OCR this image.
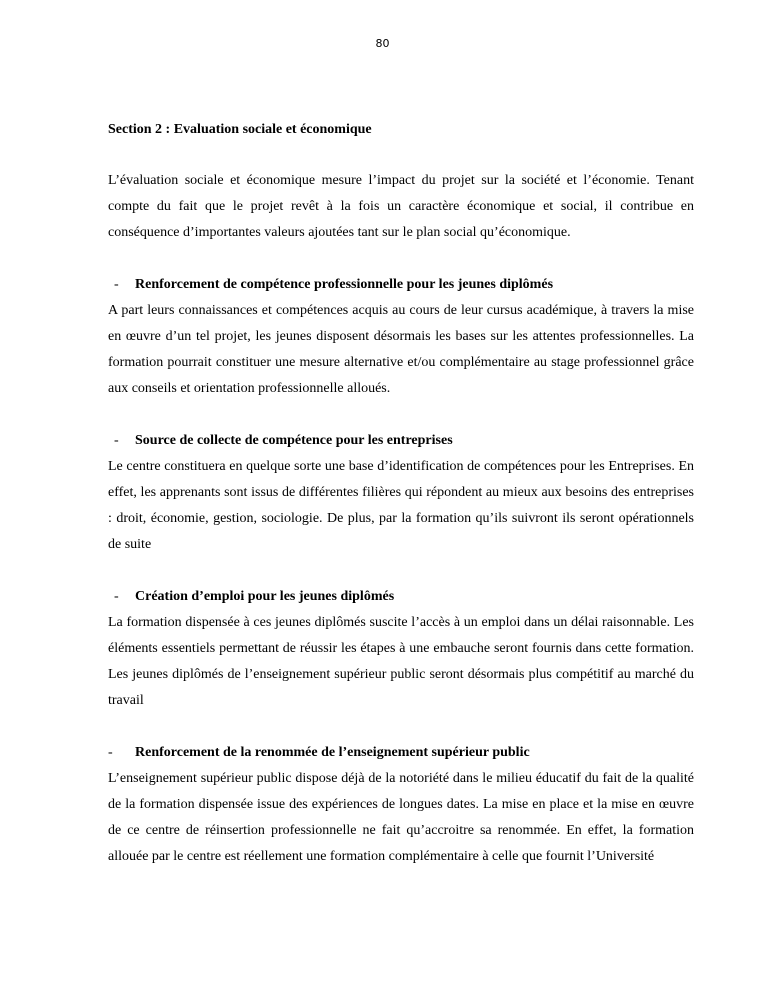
80
Section 2 : Evaluation sociale et économique

L’évaluation sociale et économique mesure l’impact du projet sur la société et l’économie. Tenant compte du fait que le projet revêt à la fois un caractère économique et social, il contribue en conséquence d’importantes valeurs ajoutées tant sur le plan social qu’économique.

-	Renforcement de compétence professionnelle pour les jeunes diplômés

A part leurs connaissances et compétences acquis au cours de leur cursus académique, à travers la mise en œuvre d’un tel projet, les jeunes disposent désormais les bases sur les attentes professionnelles. La formation pourrait constituer une mesure alternative et/ou complémentaire au stage professionnel grâce aux conseils et orientation professionnelle alloués.

-	Source de collecte de compétence pour les entreprises

Le centre constituera en quelque sorte une base d’identification de compétences pour les Entreprises. En effet, les apprenants sont issus de différentes filières qui répondent au mieux aux besoins des entreprises : droit, économie, gestion, sociologie. De plus, par la formation qu’ils suivront ils seront opérationnels de suite

-	Création d’emploi pour les jeunes diplômés

La formation dispensée à ces jeunes diplômés suscite l’accès à un emploi dans un délai raisonnable. Les éléments essentiels permettant de réussir les étapes à une embauche seront fournis dans cette formation. Les jeunes diplômés de l’enseignement supérieur public seront désormais plus compétitif au marché du travail

-	Renforcement de la renommée de l’enseignement supérieur public

L’enseignement supérieur public dispose déjà de la notoriété dans le milieu éducatif du fait de la qualité de la formation dispensée issue des expériences de longues dates. La mise en place et la mise en œuvre de ce centre de réinsertion professionnelle ne fait qu’accroitre sa renommée. En effet, la formation allouée par le centre est réellement une formation complémentaire à celle que fournit l’Université
